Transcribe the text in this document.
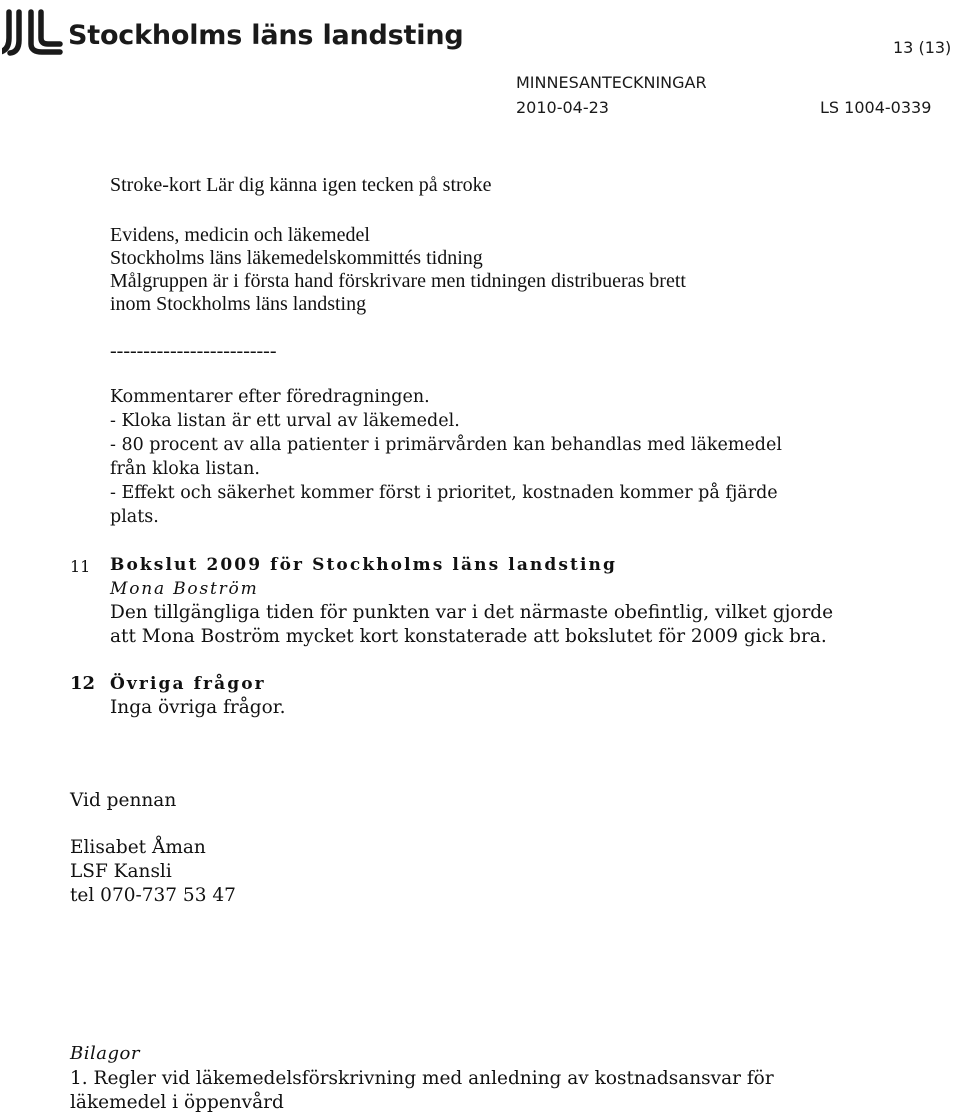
Stockholms läns landsting	13 (13)
MINNESANTECKNINGAR
2010-04-23	LS 1004-0339
Stroke-kort Lär dig känna igen tecken på stroke
Evidens, medicin och läkemedel
Stockholms läns läkemedelskommittés tidning
Målgruppen är i första hand förskrivare men tidningen distribueras brett
inom Stockholms läns landsting
-------------------------
Kommentarer efter föredragningen.
- Kloka listan är ett urval av läkemedel.
- 80 procent av alla patienter i primärvården kan behandlas med läkemedel
från kloka listan.
- Effekt och säkerhet kommer först i prioritet, kostnaden kommer på fjärde
plats.
11 Bokslut 2009 för Stockholms läns landsting
Mona Boström
Den tillgängliga tiden för punkten var i det närmaste obefintlig, vilket gjorde
att Mona Boström mycket kort konstaterade att bokslutet för 2009 gick bra.
12 Övriga frågor
Inga övriga frågor.
Vid pennan
Elisabet Åman
LSF Kansli
tel 070-737 53 47
Bilagor
1. Regler vid läkemedelsförskrivning med anledning av kostnadsansvar för
läkemedel i öppenvård
